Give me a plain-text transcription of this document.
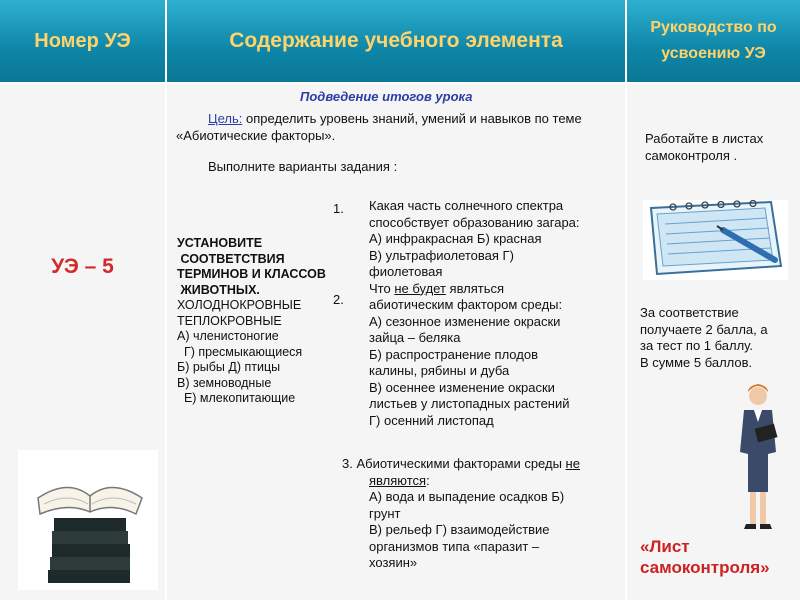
Номер УЭ	Содержание учебного элемента
Руководство по усвоению УЭ
УЭ – 5
Подведение итогов урока
Цель: определить уровень знаний, умений и навыков по теме «Абиотические факторы».
Выполните варианты задания :
УСТАНОВИТЕ
СООТВЕТСТВИЯ
ТЕРМИНОВ И КЛАССОВ
ЖИВОТНЫХ.
ХОЛОДНОКРОВНЫЕ
ТЕПЛОКРОВНЫЕ
А) членистоногие
Г) пресмыкающиеся
Б) рыбы Д) птицы
В) земноводные
Е) млекопитающие
1.
2.
Какая часть солнечного спектра
способствует образованию загара:
А) инфракрасная Б) красная
В) ультрафиолетовая Г)
фиолетовая
Что не будет являться
абиотическим фактором среды:
А) сезонное изменение окраски
зайца – беляка
Б) распространение плодов
калины, рябины и дуба
В) осеннее изменение окраски
листьев у листопадных растений
Г) осенний листопад
3. Абиотическими факторами среды не
являются:
А) вода и выпадение осадков Б)
грунт
В) рельеф Г) взаимодействие
организмов типа «паразит –
хозяин»
Работайте в листах самоконтроля .
За соответствие
получаете 2 балла, а
за тест по 1 баллу.
В сумме 5 баллов.
«Лист самоконтроля»
